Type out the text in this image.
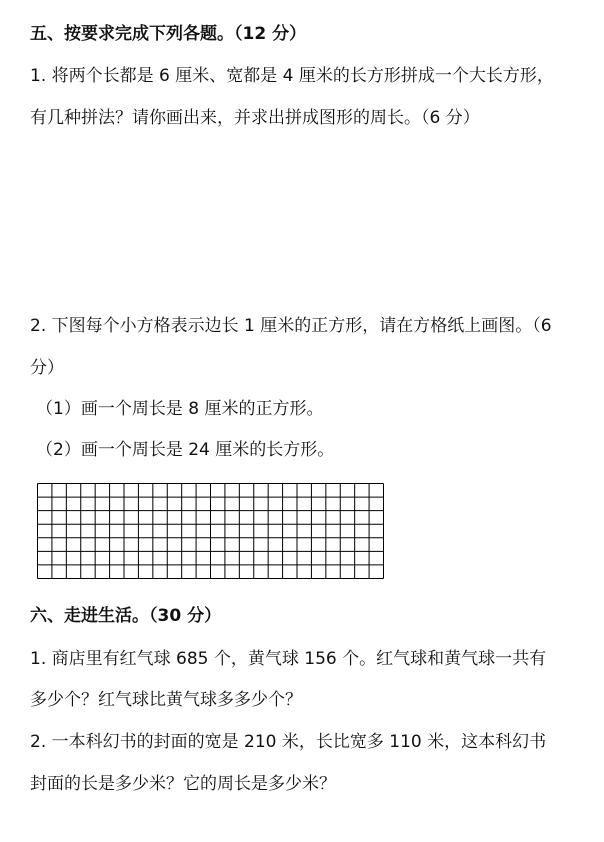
五、按要求完成下列各题。（12 分）
1. 将两个长都是 6 厘米、宽都是 4 厘米的长方形拼成一个大长方形，
有几种拼法？请你画出来，并求出拼成图形的周长。（6 分）
2. 下图每个小方格表示边长 1 厘米的正方形，请在方格纸上画图。（6
分）
（1）画一个周长是 8 厘米的正方形。
（2）画一个周长是 24 厘米的长方形。
六、走进生活。（30 分）
1. 商店里有红气球 685 个，黄气球 156 个。红气球和黄气球一共有
多少个？红气球比黄气球多多少个？
2. 一本科幻书的封面的宽是 210 米，长比宽多 110 米，这本科幻书
封面的长是多少米？它的周长是多少米？
